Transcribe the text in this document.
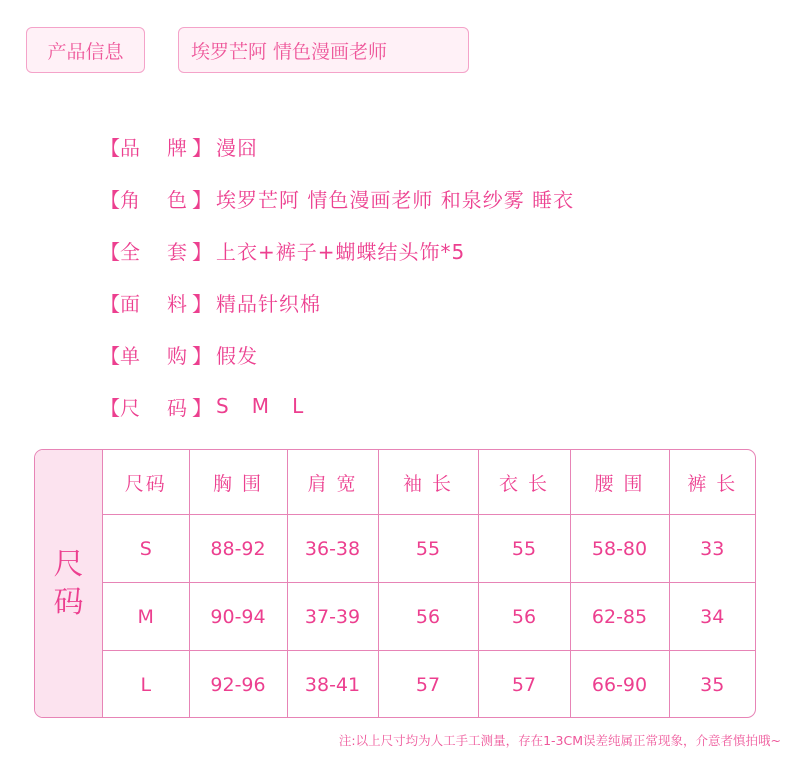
产品信息	埃罗芒阿 情色漫画老师
【 品 牌 】 漫囧
【 角 色 】 埃罗芒阿 情色漫画老师 和泉纱雾 睡衣
【 全 套 】 上衣+裤子+蝴蝶结头饰*5
【 面 料 】 精品针织棉
【 单 购 】 假发
【 尺 码 】 S   M   L
尺
码
尺码	胸 围	肩 宽	袖 长	衣 长	腰 围	裤 长
S	88-92	36-38	55	55	58-80	33
M	90-94	37-39	56	56	62-85	34
L	92-96	38-41	57	57	66-90	35
注:以上尺寸均为人工手工测量，存在1-3CM误差纯属正常现象，介意者慎拍哦~
